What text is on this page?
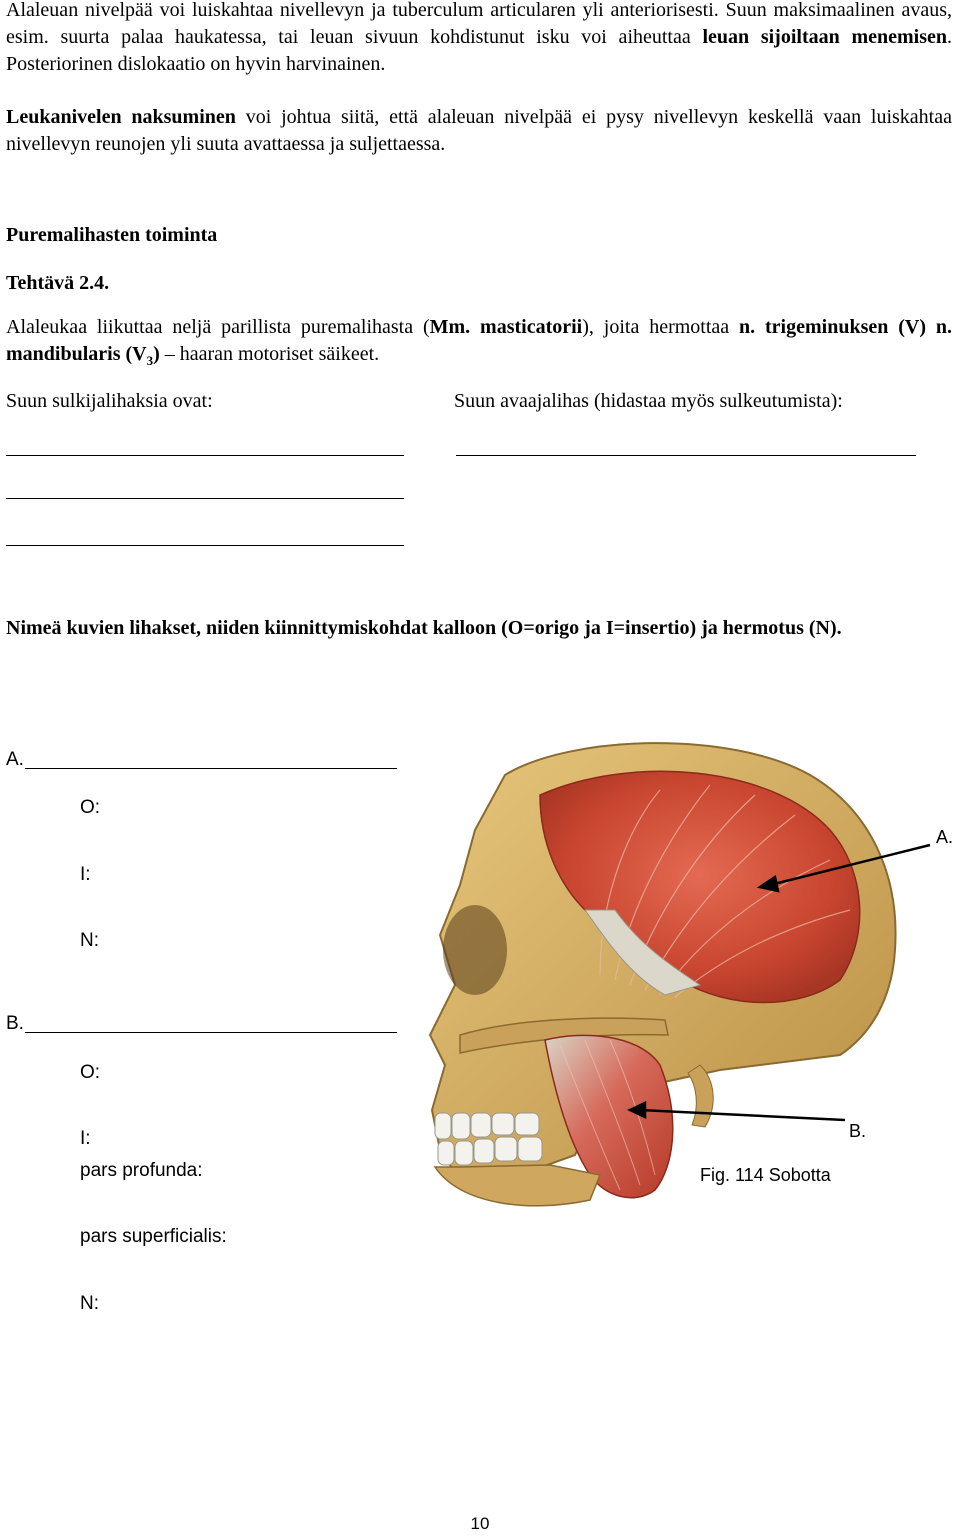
Alaleuan nivelpää voi luiskahtaa nivellevyn ja tuberculum articularen yli anteriorisesti. Suun maksimaalinen avaus, esim. suurta palaa haukatessa, tai leuan sivuun kohdistunut isku voi aiheuttaa leuan sijoiltaan menemisen. Posteriorinen dislokaatio on hyvin harvinainen.
Leukanivelen naksuminen voi johtua siitä, että alaleuan nivelpää ei pysy nivellevyn keskellä vaan luiskahtaa nivellevyn reunojen yli suuta avattaessa ja suljettaessa.
Puremalihasten toiminta
Tehtävä 2.4.
Alaleukaa liikuttaa neljä parillista puremalihasta (Mm. masticatorii), joita hermottaa n. trigeminuksen (V) n. mandibularis $(V_3)$ – haaran motoriset säikeet.
Suun sulkijalihaksia ovat:	Suun avaajalihas (hidastaa myös sulkeutumista):
Nimeä kuvien lihakset, niiden kiinnittymiskohdat kalloon (O=origo ja I=insertio) ja hermotus (N).
A.
O:
I:
N:
B.
O:
I:
pars profunda:
pars superficialis:
N:
A.
B.
Fig. 114 Sobotta
10
